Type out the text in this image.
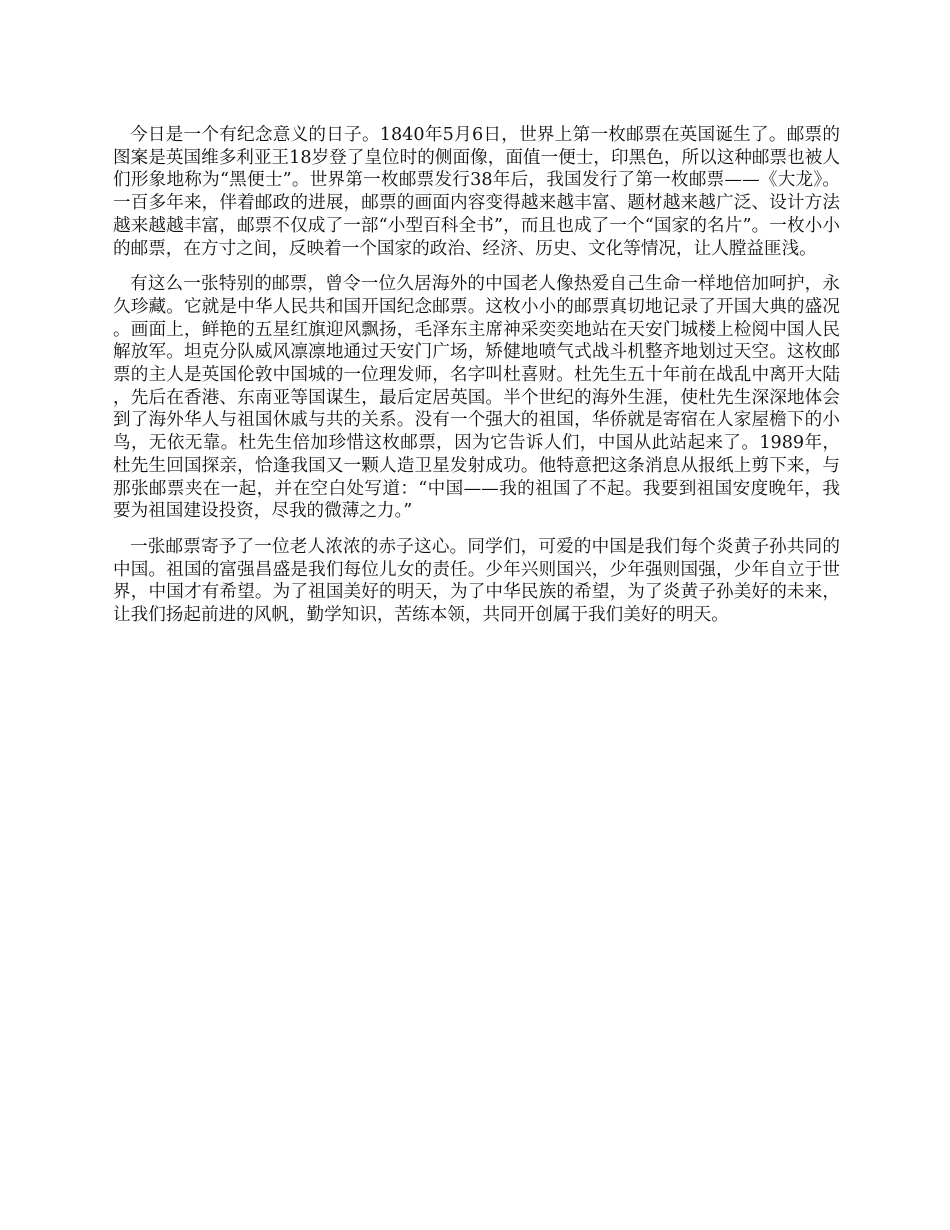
今日是一个有纪念意义的日子。1840年5月6日，世界上第一枚邮票在英国诞生了。邮票的图案是英国维多利亚王18岁登了皇位时的侧面像，面值一便士，印黑色，所以这种邮票也被人们形象地称为“黑便士”。世界第一枚邮票发行38年后，我国发行了第一枚邮票——《大龙》。一百多年来，伴着邮政的进展，邮票的画面内容变得越来越丰富、题材越来越广泛、设计方法越来越越丰富，邮票不仅成了一部“小型百科全书”，而且也成了一个“国家的名片”。一枚小小的邮票，在方寸之间，反映着一个国家的政治、经济、历史、文化等情况，让人膛益匪浅。

有这么一张特别的邮票，曾令一位久居海外的中国老人像热爱自己生命一样地倍加呵护，永久珍藏。它就是中华人民共和国开国纪念邮票。这枚小小的邮票真切地记录了开国大典的盛况。画面上，鲜艳的五星红旗迎风飘扬，毛泽东主席神采奕奕地站在天安门城楼上检阅中国人民解放军。坦克分队威风凛凛地通过天安门广场，矫健地喷气式战斗机整齐地划过天空。这枚邮票的主人是英国伦敦中国城的一位理发师，名字叫杜喜财。杜先生五十年前在战乱中离开大陆，先后在香港、东南亚等国谋生，最后定居英国。半个世纪的海外生涯，使杜先生深深地体会到了海外华人与祖国休戚与共的关系。没有一个强大的祖国，华侨就是寄宿在人家屋檐下的小鸟，无依无靠。杜先生倍加珍惜这枚邮票，因为它告诉人们，中国从此站起来了。1989年，杜先生回国探亲，恰逢我国又一颗人造卫星发射成功。他特意把这条消息从报纸上剪下来，与那张邮票夹在一起，并在空白处写道：“中国——我的祖国了不起。我要到祖国安度晚年，我要为祖国建设投资，尽我的微薄之力。”

一张邮票寄予了一位老人浓浓的赤子这心。同学们，可爱的中国是我们每个炎黄子孙共同的中国。祖国的富强昌盛是我们每位儿女的责任。少年兴则国兴，少年强则国强，少年自立于世界，中国才有希望。为了祖国美好的明天，为了中华民族的希望，为了炎黄子孙美好的未来，让我们扬起前进的风帆，勤学知识，苦练本领，共同开创属于我们美好的明天。
